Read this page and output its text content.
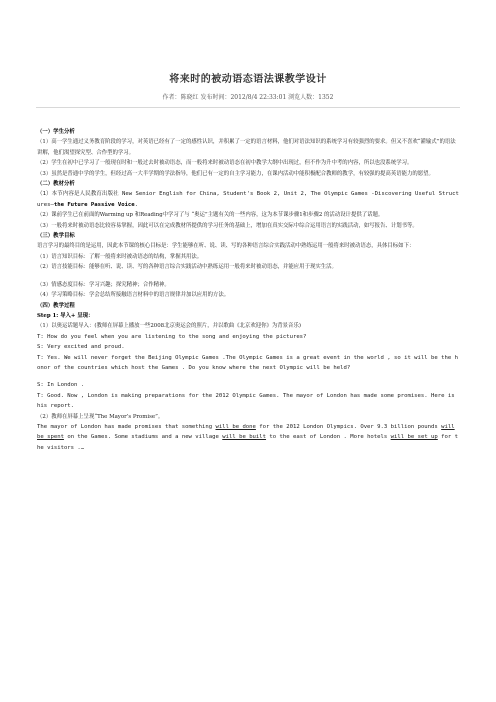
将来时的被动语态语法课教学设计
作者：陈晓红 发布时间：2012/8/4 22:33:01 浏览人数：1352

（一）学生分析

（1）高一学生通过义务教育阶段的学习，对英语已经有了一定的感性认识，并积累了一定的语言材料，他们对语法知识的系统学习有较强烈的要求。但又不喜欢“灌输式”的语法讲解，他们渴望探究型、合作型的学习。

（2）学生在初中已学习了一般现在时和一般过去时被动语态，而一般将来时被动语态在初中教学大纲中出现过，但不作为升中考的内容，所以也没系统学习。

（3）虽然是普通中学的学生，但经过高一大半学期的学法指导，他们已有一定的自主学习能力，在课内活动中能积极配合教师的教学，有较强的提高英语能力的愿望。

（二）教材分析

（1）本节内容是人民教育出版社 New Senior English for China, Student's Book 2, Unit 2, The Olympic Games -Discovering Useful Structures—the Future Passive Voice.

（2）课前学生已在前面的Warming up 和Reading中学习了与 “奥运”主题有关的一些内容，这为本节课步骤1和步骤2 的活动设计提供了话题。

（3）一般将来时被动语态比较容易掌握，因此可以在完成教材所提供的学习任务的基础上，增加在真实交际中综合运用语言的实践活动，如写报告、计划书等。

（三）教学目标

语言学习的最终目的是运用，因此本节课的核心目标是：学生能够在听、说、读、写的各种语言综合实践活动中熟练运用一般将来时被动语态，具体目标如下：

（1）语言知识目标：了解一般将来时被动语态的结构，掌握其用法。

（2）语言技能目标：能够在听、说、读、写的各种语言综合实践活动中熟练运用一般将来时被动语态，并能应用于现实生活。

（3）情感态度目标：学习兴趣；探究精神；合作精神。

（4）学习策略目标：学会总结所接触语言材料中的语言规律并加以应用的方法。

（四）教学过程

Step 1: 导入+ 呈现：

（1）以奥运话题导入：(教师在屏幕上播放一些2008北京奥运会的照片，并以歌曲《北京欢迎你》为背景音乐)

T: How do you feel when you are listening to the song and enjoying the pictures?

S: Very excited and proud.

T: Yes. We will never forget the Beijing Olympic Games .The Olympic Games is a great event in the world , so it will be the honor of the countries which host the Games . Do you know where the next Olympic will be held?

S: In London .

T: Good. Now , London is making preparations for the 2012 Olympic Games. The mayor of London has made some promises. Here is his report.

（2）教师在屏幕上呈现“The Mayor’s Promise”。

The mayor of London has made promises that something will be done for the 2012 London Olympics. Over 9.3 billion pounds will be spent on the Games. Some stadiums and a new village will be built to the east of London . More hotels will be set up for the visitors .…
